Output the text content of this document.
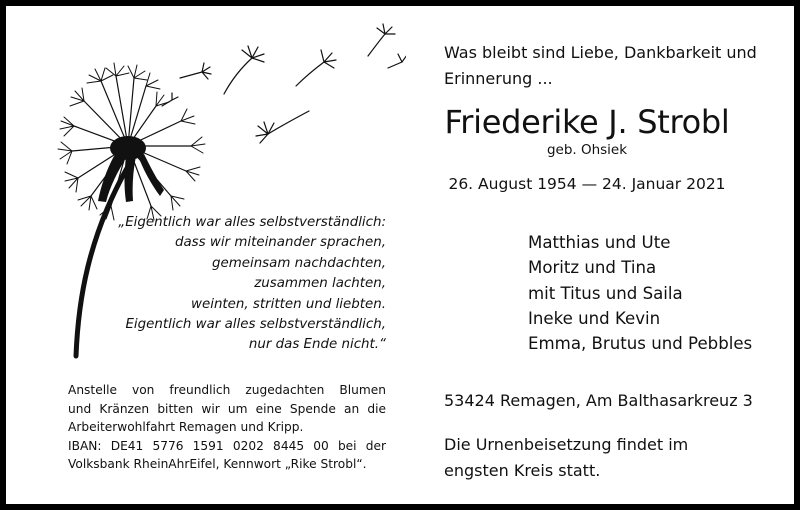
„Eigentlich war alles selbstverständlich:
dass wir miteinander sprachen,
gemeinsam nachdachten,
zusammen lachten,
weinten, stritten und liebten.
Eigentlich war alles selbstverständlich,
nur das Ende nicht.“
Anstelle von freundlich zugedachten Blumen
und Kränzen bitten wir um eine Spende an die
Arbeiterwohlfahrt Remagen und Kripp.
IBAN: DE41 5776 1591 0202 8445 00 bei der
Volksbank RheinAhrEifel, Kennwort „Rike Strobl“.
Was bleibt sind Liebe, Dankbarkeit und
Erinnerung ...
Friederike J. Strobl
geb. Ohsiek
26. August 1954 — 24. Januar 2021
Matthias und Ute
Moritz und Tina
mit Titus und Saila
Ineke und Kevin
Emma, Brutus und Pebbles
53424 Remagen, Am Balthasarkreuz 3
Die Urnenbeisetzung findet im
engsten Kreis statt.
